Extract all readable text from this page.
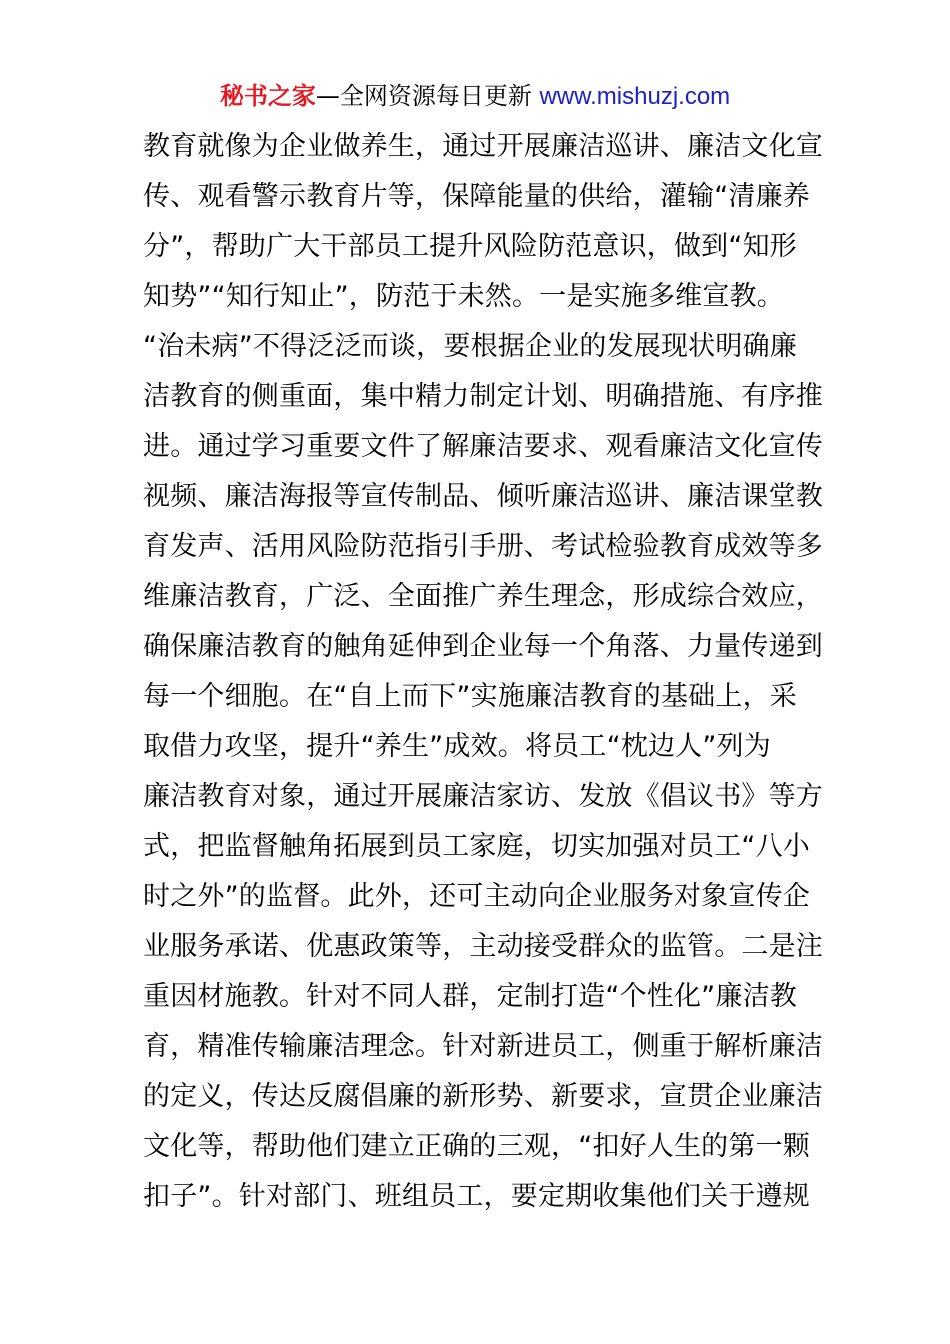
秘书之家—全网资源每日更新 www.mishuzj.com
教育就像为企业做养生，通过开展廉洁巡讲、廉洁文化宣
传、观看警示教育片等，保障能量的供给，灌输“清廉养
分”，帮助广大干部员工提升风险防范意识，做到“知形
知势”“知行知止”，防范于未然。一是实施多维宣教。
“治未病”不得泛泛而谈，要根据企业的发展现状明确廉
洁教育的侧重面，集中精力制定计划、明确措施、有序推
进。通过学习重要文件了解廉洁要求、观看廉洁文化宣传
视频、廉洁海报等宣传制品、倾听廉洁巡讲、廉洁课堂教
育发声、活用风险防范指引手册、考试检验教育成效等多
维廉洁教育，广泛、全面推广养生理念，形成综合效应，
确保廉洁教育的触角延伸到企业每一个角落、力量传递到
每一个细胞。在“自上而下”实施廉洁教育的基础上，采
取借力攻坚，提升“养生”成效。将员工“枕边人”列为
廉洁教育对象，通过开展廉洁家访、发放《倡议书》等方
式，把监督触角拓展到员工家庭，切实加强对员工“八小
时之外”的监督。此外，还可主动向企业服务对象宣传企
业服务承诺、优惠政策等，主动接受群众的监管。二是注
重因材施教。针对不同人群，定制打造“个性化”廉洁教
育，精准传输廉洁理念。针对新进员工，侧重于解析廉洁
的定义，传达反腐倡廉的新形势、新要求，宣贯企业廉洁
文化等，帮助他们建立正确的三观，“扣好人生的第一颗
扣子”。针对部门、班组员工，要定期收集他们关于遵规
